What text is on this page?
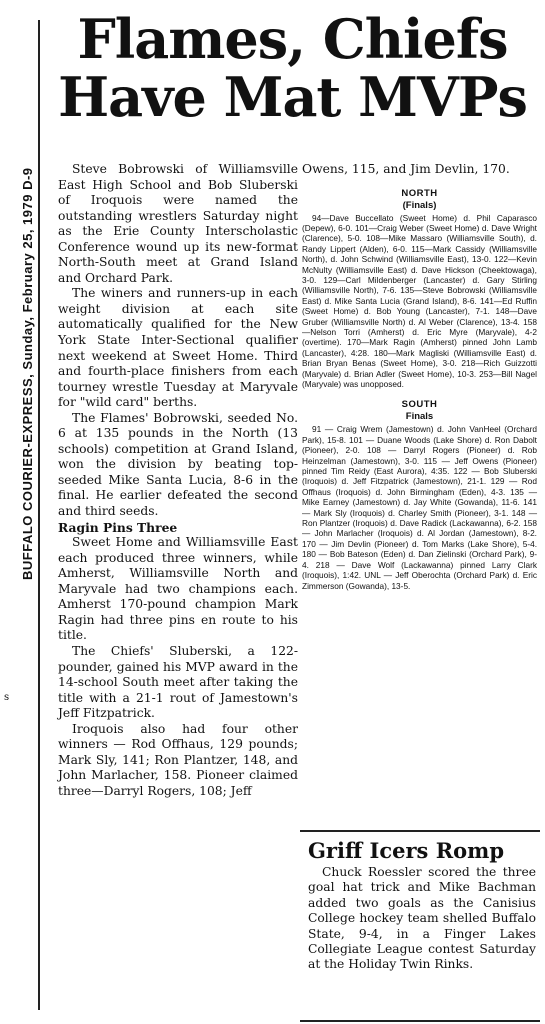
BUFFALO COURIER-EXPRESS, Sunday, February 25, 1979 D-9
s
Flames, Chiefs
Have Mat MVPs

Steve Bobrowski of Williamsville East High School and Bob Sluberski of Iroquois were named the outstanding wrestlers Saturday night as the Erie County Interscholastic Conference wound up its new-format North-South meet at Grand Island and Orchard Park.

The winers and runners-up in each weight division at each site automatically qualified for the New York State Inter-Sectional qualifier next weekend at Sweet Home. Third and fourth-place finishers from each tourney wrestle Tuesday at Maryvale for "wild card" berths.

The Flames' Bobrowski, seeded No. 6 at 135 pounds in the North (13 schools) competition at Grand Island, won the division by beating top-seeded Mike Santa Lucia, 8-6 in the final. He earlier defeated the second and third seeds.

Ragin Pins Three

Sweet Home and Williamsville East each produced three winners, while Amherst, Williamsville North and Maryvale had two champions each. Amherst 170-pound champion Mark Ragin had three pins en route to his title.

The Chiefs' Sluberski, a 122-pounder, gained his MVP award in the 14-school South meet after taking the title with a 21-1 rout of Jamestown's Jeff Fitzpatrick.

Iroquois also had four other winners — Rod Offhaus, 129 pounds; Mark Sly, 141; Ron Plantzer, 148, and John Marlacher, 158. Pioneer claimed three—Darryl Rogers, 108; Jeff

Owens, 115, and Jim Devlin, 170.

NORTH
(Finals)

94—Dave Buccellato (Sweet Home) d. Phil Caparasco (Depew), 6-0. 101—Craig Weber (Sweet Home) d. Dave Wright (Clarence), 5-0. 108—Mike Massaro (Williamsville South), d. Randy Lippert (Alden), 6-0. 115—Mark Cassidy (Williamsville North), d. John Schwind (Williamsville East), 13-0. 122—Kevin McNulty (Williamsville East) d. Dave Hickson (Cheektowaga), 3-0. 129—Carl Mildenberger (Lancaster) d. Gary Stirling (Williamsville North), 7-6. 135—Steve Bobrowski (Williamsville East) d. Mike Santa Lucia (Grand Island), 8-6. 141—Ed Ruffin (Sweet Home) d. Bob Young (Lancaster), 7-1. 148—Dave Gruber (Williamsville North) d. Al Weber (Clarence), 13-4. 158—Nelson Torri (Amherst) d. Eric Myre (Maryvale), 4-2 (overtime). 170—Mark Ragin (Amherst) pinned John Lamb (Lancaster), 4:28. 180—Mark Magliski (Williamsville East) d. Brian Bryan Benas (Sweet Home), 3-0. 218—Rich Guizzotti (Maryvale) d. Brian Adler (Sweet Home), 10-3. 253—Bill Nagel (Maryvale) was unopposed.

SOUTH
Finals

91 — Craig Wrem (Jamestown) d. John VanHeel (Orchard Park), 15-8. 101 — Duane Woods (Lake Shore) d. Ron Dabolt (Pioneer), 2-0. 108 — Darryl Rogers (Pioneer) d. Rob Heinzelman (Jamestown), 3-0. 115 — Jeff Owens (Pioneer) pinned Tim Reidy (East Aurora), 4:35. 122 — Bob Sluberski (Iroquois) d. Jeff Fitzpatrick (Jamestown), 21-1. 129 — Rod Offhaus (Iroquois) d. John Birmingham (Eden), 4-3. 135 — Mike Earney (Jamestown) d. Jay White (Gowanda), 11-6. 141 — Mark Sly (Iroquois) d. Charley Smith (Pioneer), 3-1. 148 — Ron Plantzer (Iroquois) d. Dave Radick (Lackawanna), 6-2. 158 — John Marlacher (Iroquois) d. Al Jordan (Jamestown), 8-2. 170 — Jim Devlin (Pioneer) d. Tom Marks (Lake Shore), 5-4. 180 — Bob Bateson (Eden) d. Dan Zielinski (Orchard Park), 9-4. 218 — Dave Wolf (Lackawanna) pinned Larry Clark (Iroquois), 1:42. UNL — Jeff Oberochta (Orchard Park) d. Eric Zimmerson (Gowanda), 13-5.

Griff Icers Romp

Chuck Roessler scored the three goal hat trick and Mike Bachman added two goals as the Canisius College hockey team shelled Buffalo State, 9-4, in a Finger Lakes Collegiate League contest Saturday at the Holiday Twin Rinks.
